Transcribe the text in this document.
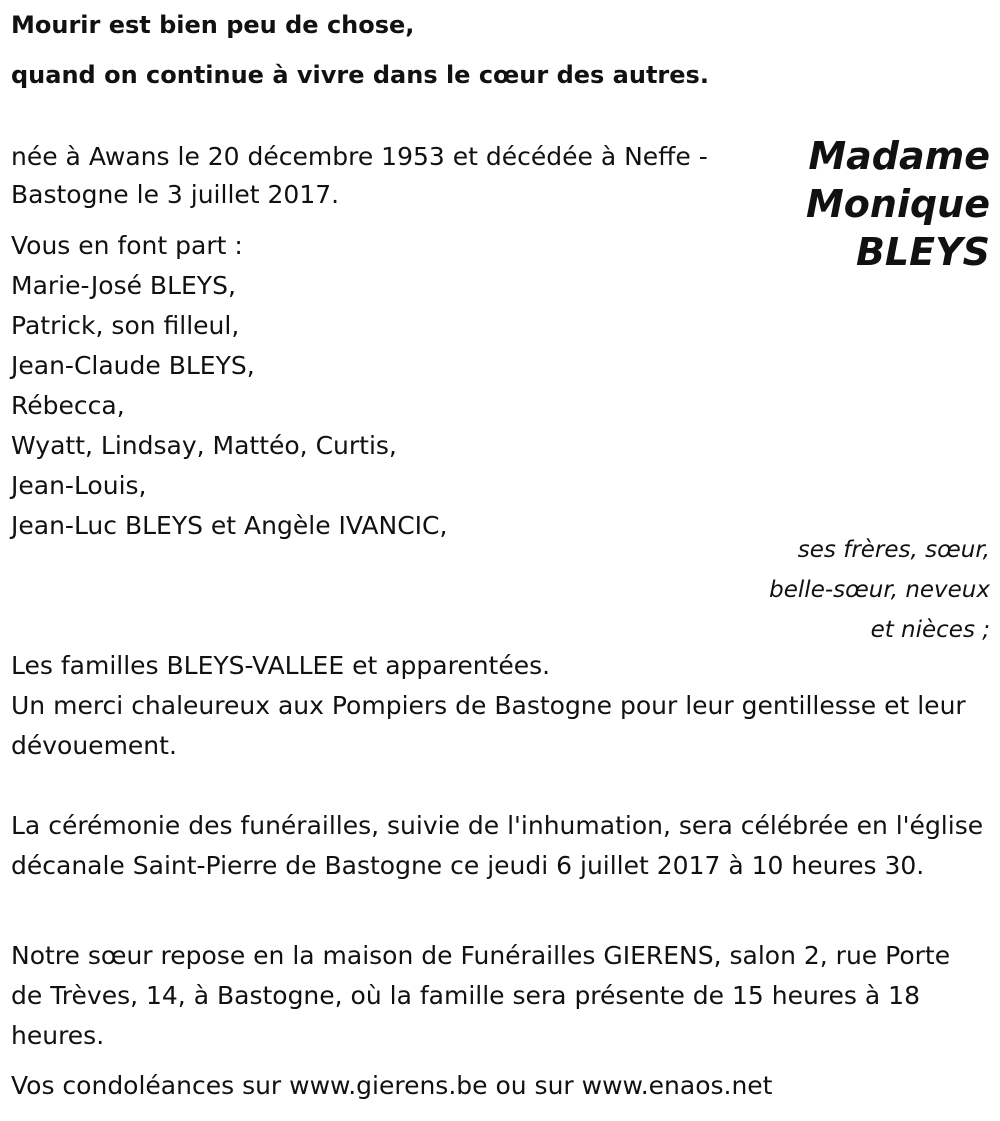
Mourir est bien peu de chose,
quand on continue à vivre dans le cœur des autres.
Madame
Monique
BLEYS
née à Awans le 20 décembre 1953 et décédée à Neffe - Bastogne le 3 juillet 2017.
Vous en font part :
Marie-José BLEYS,
Patrick, son filleul,
Jean-Claude BLEYS,
Rébecca,
Wyatt, Lindsay, Mattéo, Curtis,
Jean-Louis,
Jean-Luc BLEYS et Angèle IVANCIC,
ses frères, sœur,
belle-sœur, neveux
et nièces ;
Les familles BLEYS-VALLEE et apparentées.
Un merci chaleureux aux Pompiers de Bastogne pour leur gentillesse et leur dévouement.
La cérémonie des funérailles, suivie de l'inhumation, sera célébrée en l'église décanale Saint-Pierre de Bastogne ce jeudi 6 juillet 2017 à 10 heures 30.
Notre sœur repose en la maison de Funérailles GIERENS, salon 2, rue Porte de Trèves, 14, à Bastogne, où la famille sera présente de 15 heures à 18 heures.
Vos condoléances sur www.gierens.be ou sur www.enaos.net
